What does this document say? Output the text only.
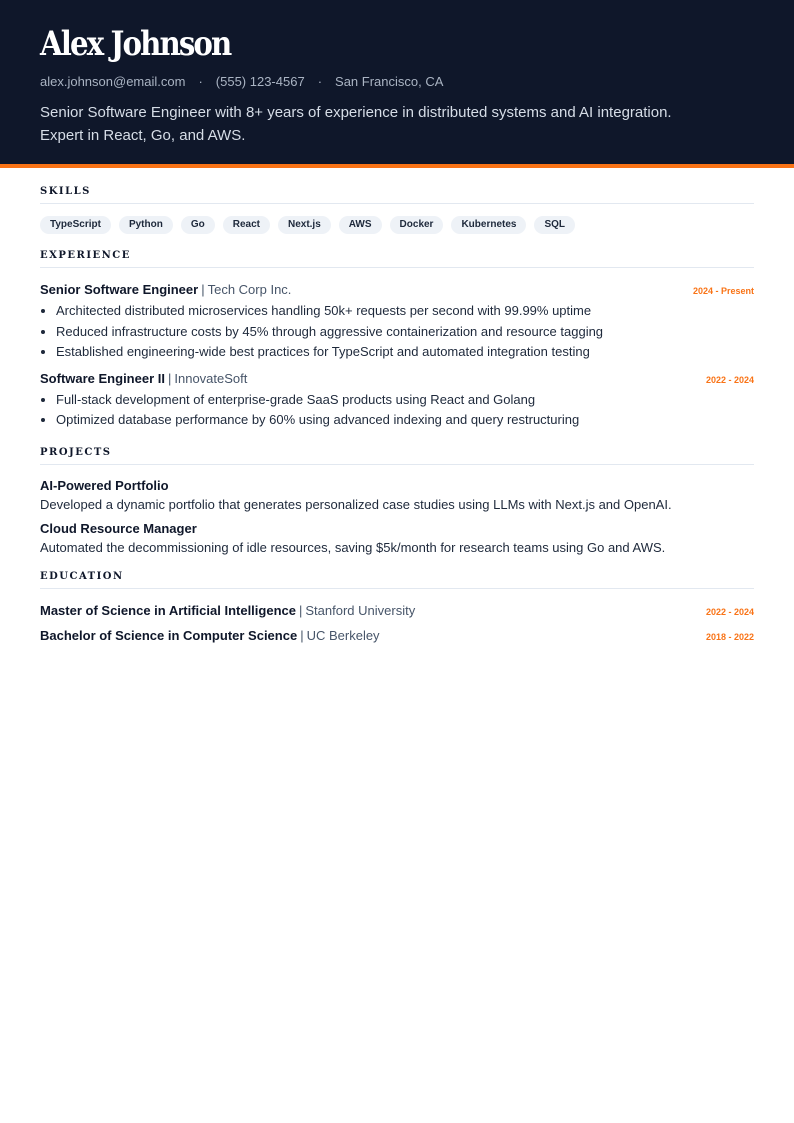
Alex Johnson
alex.johnson@email.com · (555) 123-4567 · San Francisco, CA
Senior Software Engineer with 8+ years of experience in distributed systems and AI integration. Expert in React, Go, and AWS.
SKILLS
TypeScript	Python	Go	React	Next.js	AWS	Docker	Kubernetes	SQL
EXPERIENCE
Senior Software Engineer | Tech Corp Inc.	2024 - Present
• Architected distributed microservices handling 50k+ requests per second with 99.99% uptime
• Reduced infrastructure costs by 45% through aggressive containerization and resource tagging
• Established engineering-wide best practices for TypeScript and automated integration testing
Software Engineer II | InnovateSoft	2022 - 2024
• Full-stack development of enterprise-grade SaaS products using React and Golang
• Optimized database performance by 60% using advanced indexing and query restructuring
PROJECTS
AI-Powered Portfolio
Developed a dynamic portfolio that generates personalized case studies using LLMs with Next.js and OpenAI.
Cloud Resource Manager
Automated the decommissioning of idle resources, saving $5k/month for research teams using Go and AWS.
EDUCATION
Master of Science in Artificial Intelligence | Stanford University	2022 - 2024
Bachelor of Science in Computer Science | UC Berkeley	2018 - 2022
